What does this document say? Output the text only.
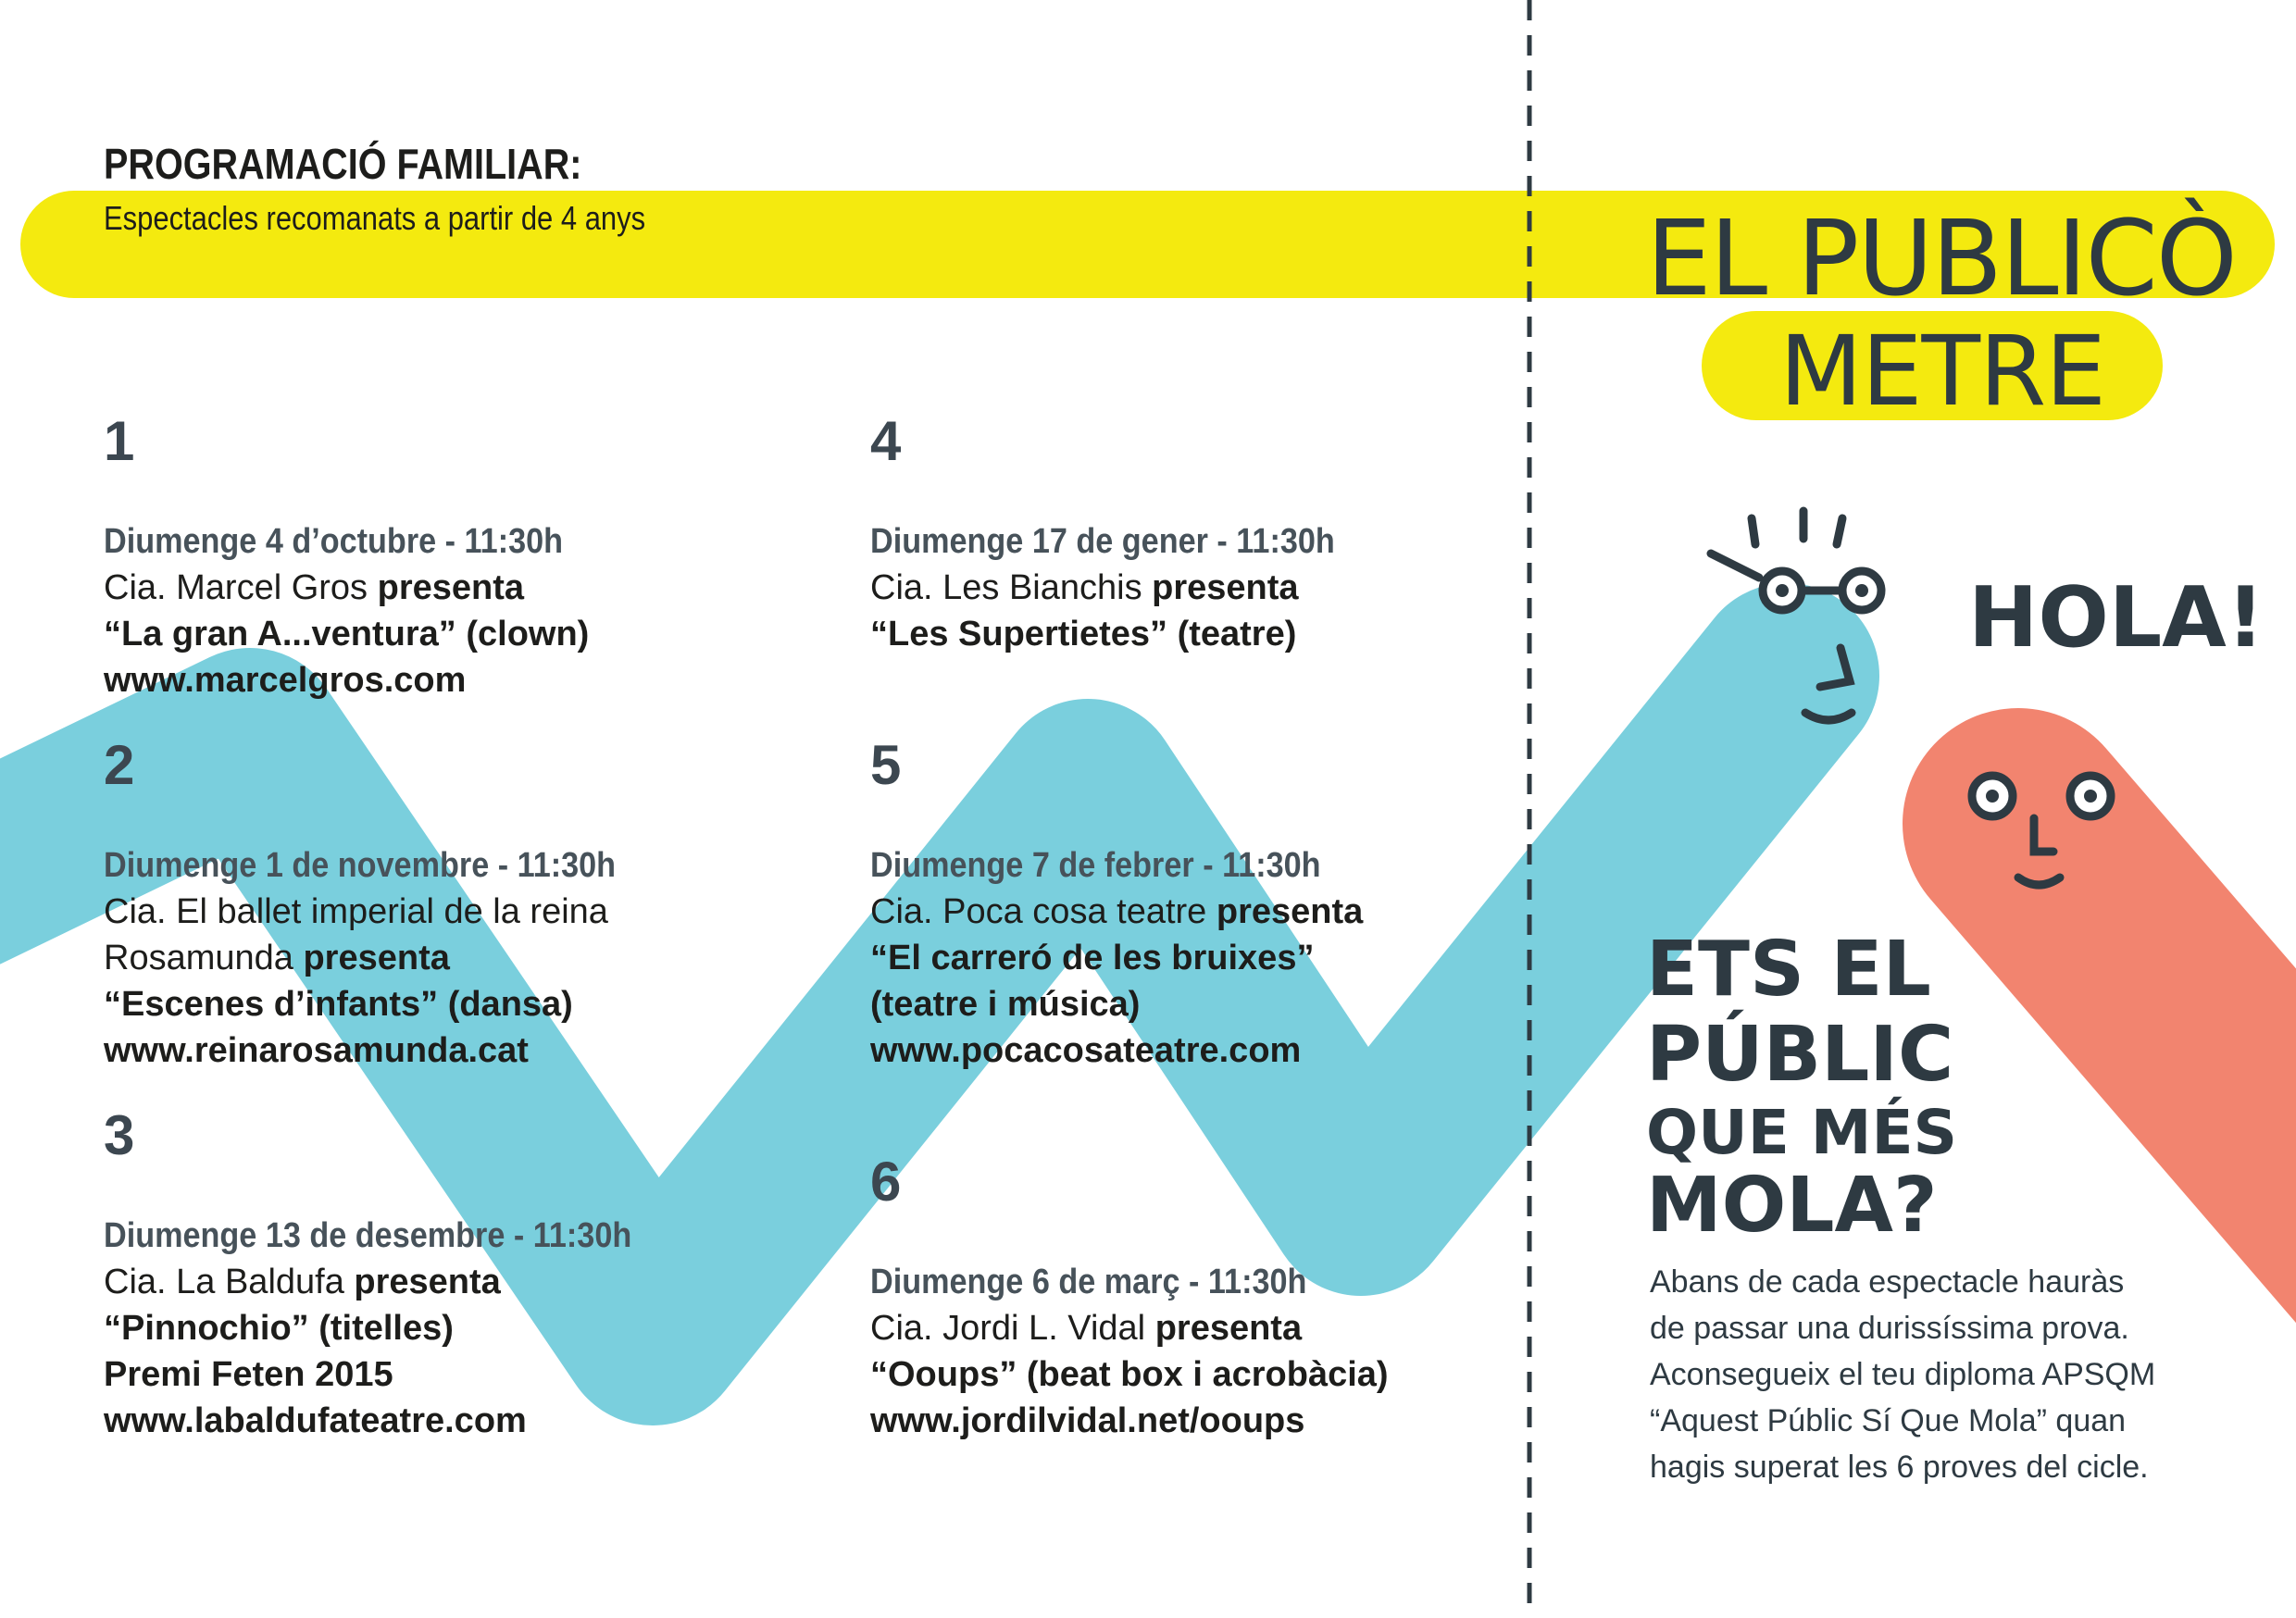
PROGRAMACIÓ FAMILIAR:
Espectacles recomanats a partir de 4 anys	EL PUBLICÒ
METRE
HOLA!
ETS EL
PÚBLIC
QUE MÉS
MOLA?
Abans de cada espectacle hauràs
de passar una durissíssima prova.
Aconsegueix el teu diploma APSQM
“Aquest Públic Sí Que Mola” quan
hagis superat les 6 proves del cicle.
1
Diumenge 4 d’octubre - 11:30h
Cia. Marcel Gros presenta
“La gran A...ventura” (clown)
www.marcelgros.com
2
Diumenge 1 de novembre - 11:30h
Cia. El ballet imperial de la reina
Rosamunda presenta
“Escenes d’infants” (dansa)
www.reinarosamunda.cat
3
Diumenge 13 de desembre - 11:30h
Cia. La Baldufa presenta
“Pinnochio” (titelles)
Premi Feten 2015
www.labaldufateatre.com
4
Diumenge 17 de gener - 11:30h
Cia. Les Bianchis presenta
“Les Supertietes” (teatre)
5
Diumenge 7 de febrer - 11:30h
Cia. Poca cosa teatre presenta
“El carreró de les bruixes”
(teatre i música)
www.pocacosateatre.com
6
Diumenge 6 de març - 11:30h
Cia. Jordi L. Vidal presenta
“Ooups” (beat box i acrobàcia)
www.jordilvidal.net/ooups
